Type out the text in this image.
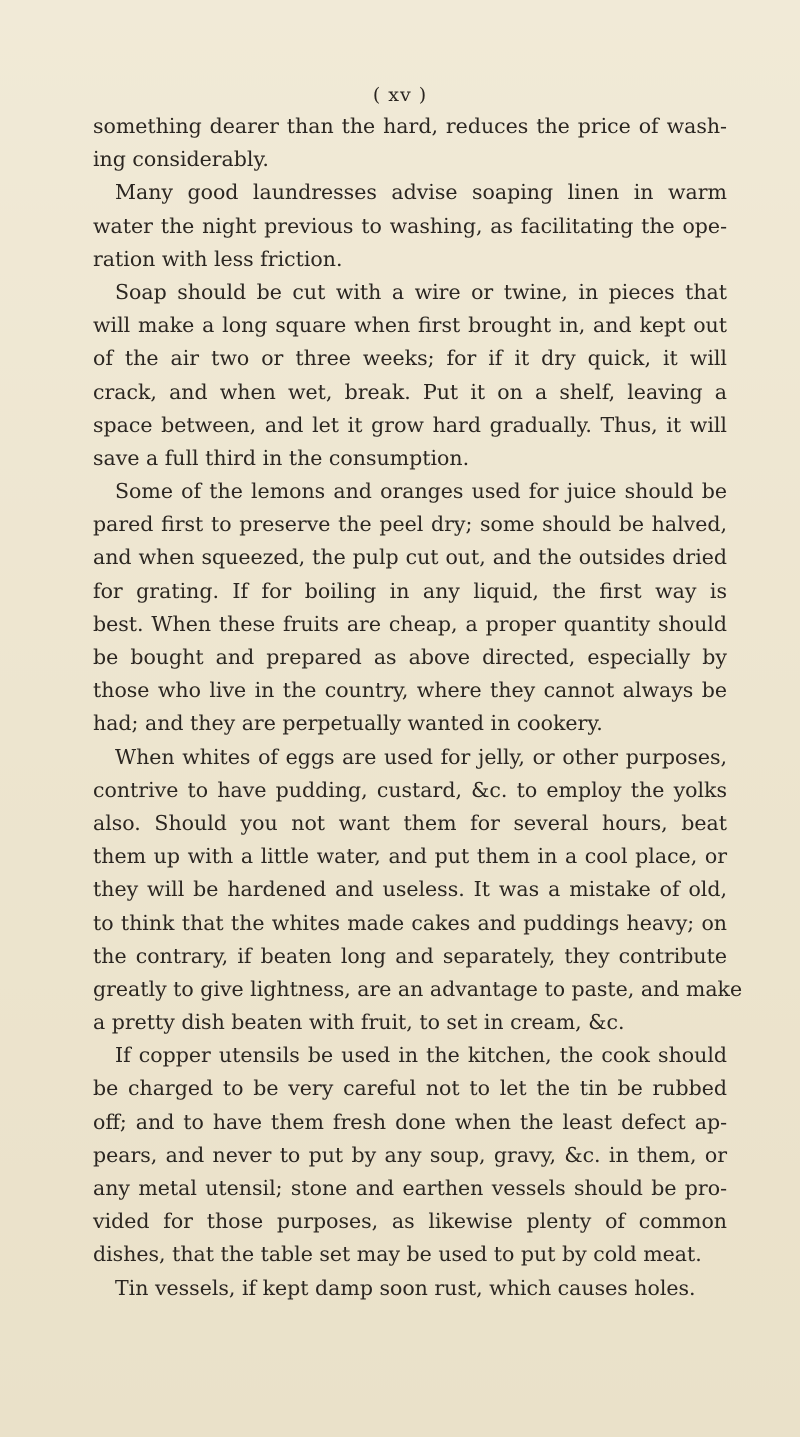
( xv )
something dearer than the hard, reduces the price of wash-
ing considerably.
Many good laundresses advise soaping linen in warm
water the night previous to washing, as facilitating the ope-
ration with less friction.
Soap should be cut with a wire or twine, in pieces that
will make a long square when first brought in, and kept out
of the air two or three weeks; for if it dry quick, it will
crack, and when wet, break. Put it on a shelf, leaving a
space between, and let it grow hard gradually. Thus, it will
save a full third in the consumption.
Some of the lemons and oranges used for juice should be
pared first to preserve the peel dry; some should be halved,
and when squeezed, the pulp cut out, and the outsides dried
for grating. If for boiling in any liquid, the first way is
best. When these fruits are cheap, a proper quantity should
be bought and prepared as above directed, especially by
those who live in the country, where they cannot always be
had; and they are perpetually wanted in cookery.
When whites of eggs are used for jelly, or other purposes,
contrive to have pudding, custard, &c. to employ the yolks
also. Should you not want them for several hours, beat
them up with a little water, and put them in a cool place, or
they will be hardened and useless. It was a mistake of old,
to think that the whites made cakes and puddings heavy; on
the contrary, if beaten long and separately, they contribute
greatly to give lightness, are an advantage to paste, and make
a pretty dish beaten with fruit, to set in cream, &c.
If copper utensils be used in the kitchen, the cook should
be charged to be very careful not to let the tin be rubbed
off; and to have them fresh done when the least defect ap-
pears, and never to put by any soup, gravy, &c. in them, or
any metal utensil; stone and earthen vessels should be pro-
vided for those purposes, as likewise plenty of common
dishes, that the table set may be used to put by cold meat.
Tin vessels, if kept damp soon rust, which causes holes.
